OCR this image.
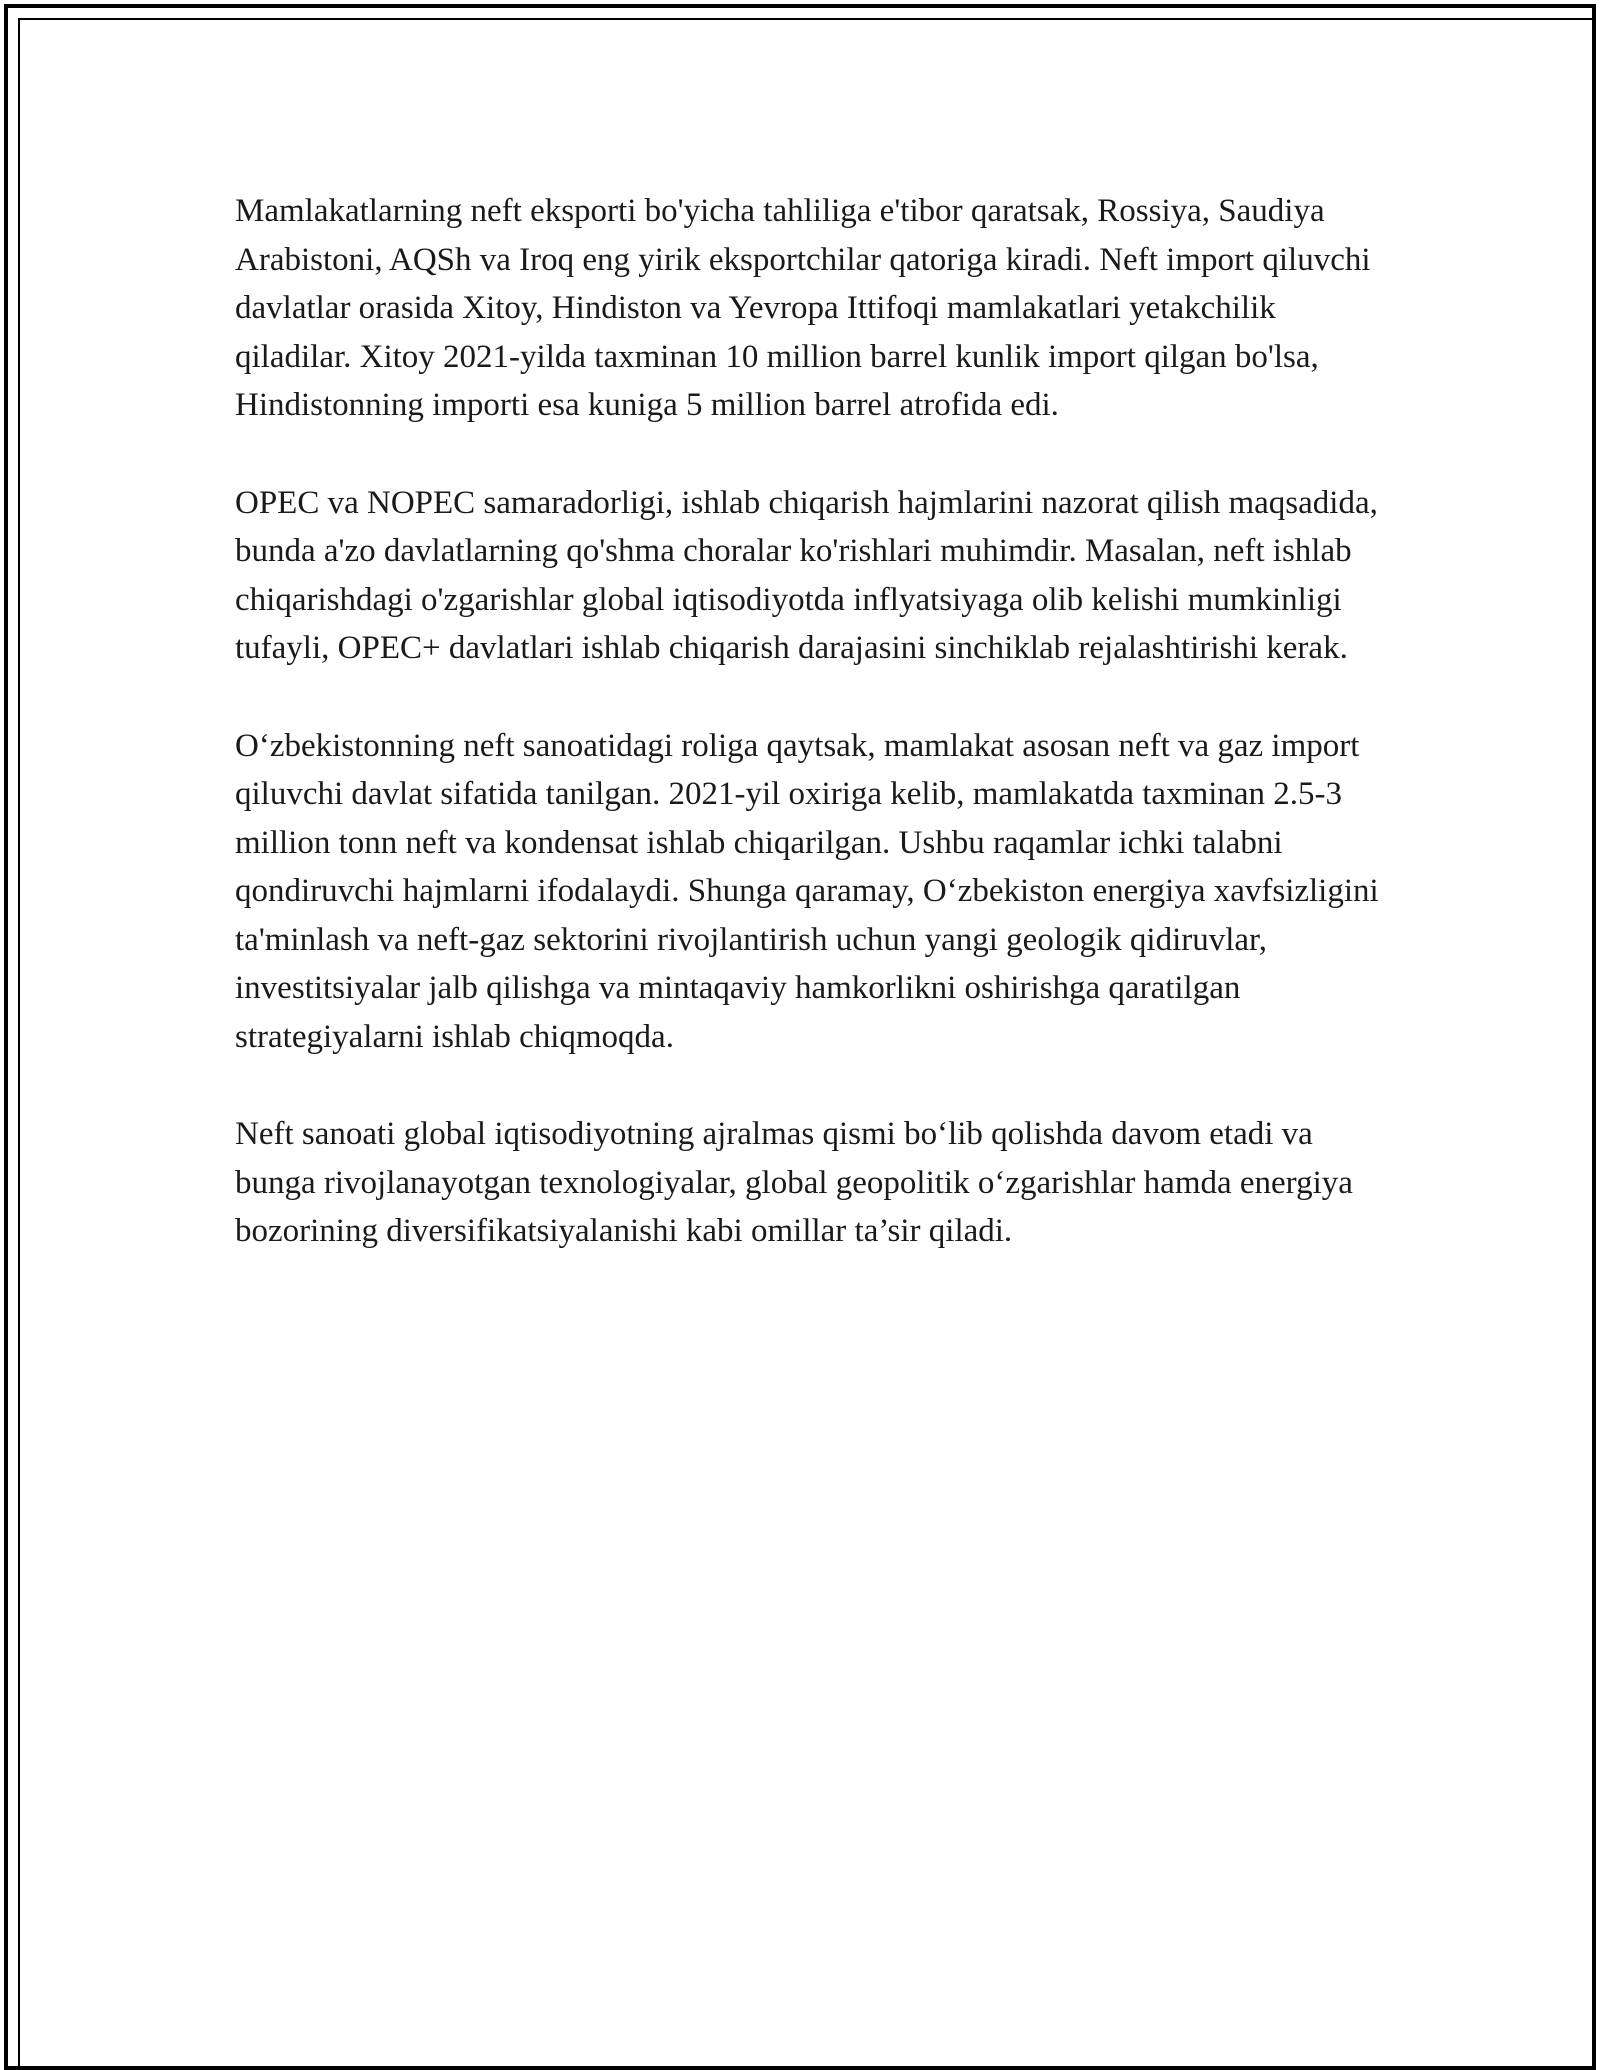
Mamlakatlarning neft eksporti bo'yicha tahliliga e'tibor qaratsak, Rossiya, Saudiya Arabistoni, AQSh va Iroq eng yirik eksportchilar qatoriga kiradi. Neft import qiluvchi davlatlar orasida Xitoy, Hindiston va Yevropa Ittifoqi mamlakatlari yetakchilik qiladilar. Xitoy 2021-yilda taxminan 10 million barrel kunlik import qilgan bo'lsa, Hindistonning importi esa kuniga 5 million barrel atrofida edi.

OPEC va NOPEC samaradorligi, ishlab chiqarish hajmlarini nazorat qilish maqsadida, bunda a'zo davlatlarning qo'shma choralar ko'rishlari muhimdir. Masalan, neft ishlab chiqarishdagi o'zgarishlar global iqtisodiyotda inflyatsiyaga olib kelishi mumkinligi tufayli, OPEC+ davlatlari ishlab chiqarish darajasini sinchiklab rejalashtirishi kerak.

O‘zbekistonning neft sanoatidagi roliga qaytsak, mamlakat asosan neft va gaz import qiluvchi davlat sifatida tanilgan. 2021-yil oxiriga kelib, mamlakatda taxminan 2.5-3 million tonn neft va kondensat ishlab chiqarilgan. Ushbu raqamlar ichki talabni qondiruvchi hajmlarni ifodalaydi. Shunga qaramay, O‘zbekiston energiya xavfsizligini ta'minlash va neft-gaz sektorini rivojlantirish uchun yangi geologik qidiruvlar, investitsiyalar jalb qilishga va mintaqaviy hamkorlikni oshirishga qaratilgan strategiyalarni ishlab chiqmoqda.

Neft sanoati global iqtisodiyotning ajralmas qismi bo‘lib qolishda davom etadi va bunga rivojlanayotgan texnologiyalar, global geopolitik o‘zgarishlar hamda energiya bozorining diversifikatsiyalanishi kabi omillar ta’sir qiladi.
